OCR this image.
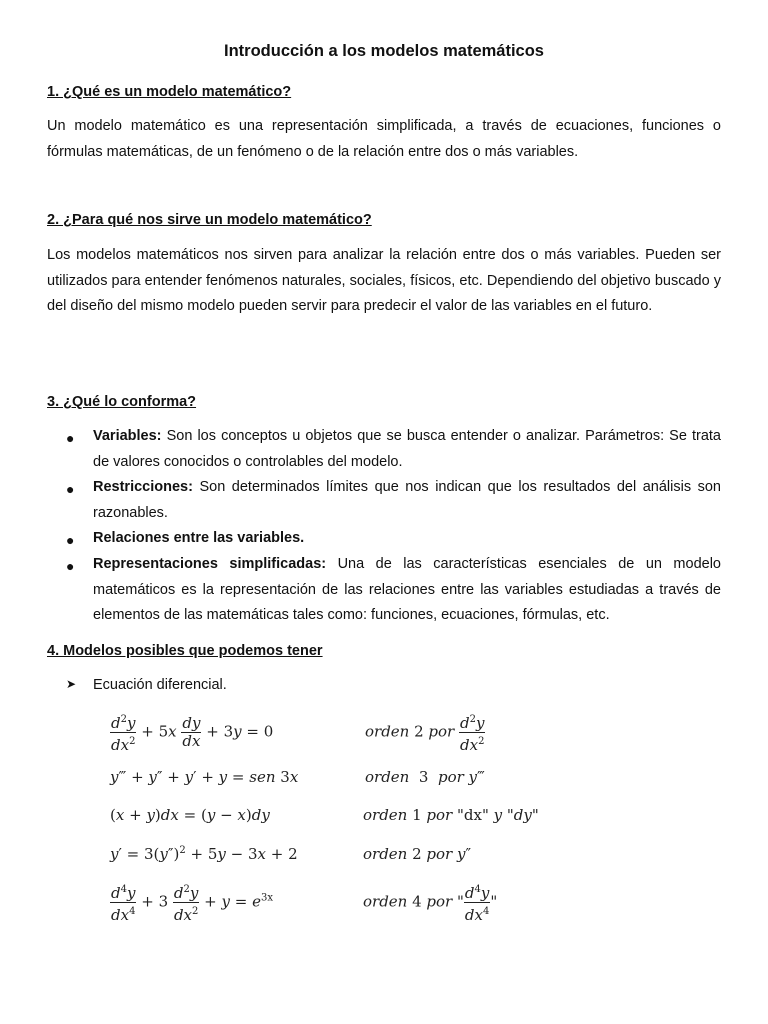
Introducción a los modelos matemáticos
1. ¿Qué es un modelo matemático?

Un modelo matemático es una representación simplificada, a través de ecuaciones, funciones o fórmulas matemáticas, de un fenómeno o de la relación entre dos o más variables.

2. ¿Para qué nos sirve un modelo matemático?

Los modelos matemáticos nos sirven para analizar la relación entre dos o más variables. Pueden ser utilizados para entender fenómenos naturales, sociales, físicos, etc. Dependiendo del objetivo buscado y del diseño del mismo modelo pueden servir para predecir el valor de las variables en el futuro.

3. ¿Qué lo conforma?
● Variables: Son los conceptos u objetos que se busca entender o analizar. Parámetros: Se trata de valores conocidos o controlables del modelo.

● Restricciones: Son determinados límites que nos indican que los resultados del análisis son razonables.

● Relaciones entre las variables.

● Representaciones simplificadas: Una de las características esenciales de un modelo matemáticos es la representación de las relaciones entre las variables estudiadas a través de elementos de las matemáticas tales como: funciones, ecuaciones, fórmulas, etc.

4. Modelos posibles que podemos tener
➤ Ecuación diferencial.
$\frac{d^2y}{dx^2} + 5x \frac{dy}{dx} + 3y = 0$	orden 2 por $\frac{d^2y}{dx^2}$
y‴ + y″ + y′ + y = sen 3x	orden  3  por y‴
(x + y)dx = (y − x)dy	orden 1 por "dx" y "dy"
$y' = 3(y'')^2 + 5y - 3x + 2$	orden 2 por y″
$\frac{d^4y}{dx^4} + 3 \frac{d^2y}{dx^2} + y = e^{3x}$	orden 4 por " $\frac{d^4y}{dx^4}$ "
